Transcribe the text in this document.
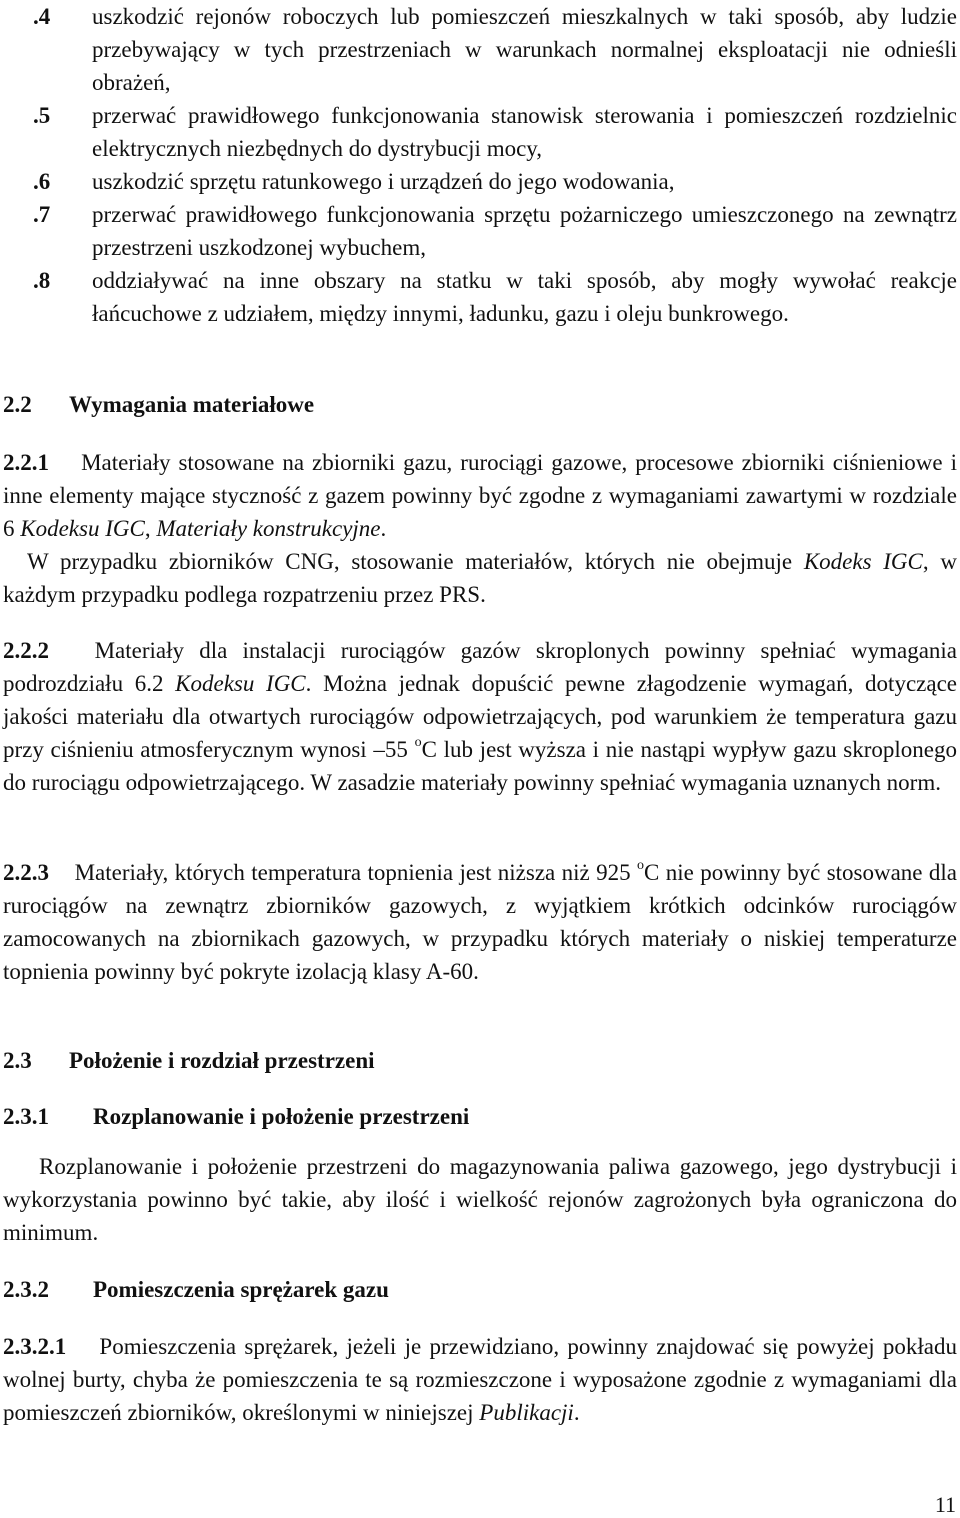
.4	uszkodzić rejonów roboczych lub pomieszczeń mieszkalnych w taki sposób, aby ludzie przebywający w tych przestrzeniach w warunkach normalnej eksploatacji nie odnieśli obrażeń,
.5	przerwać prawidłowego funkcjonowania stanowisk sterowania i pomieszczeń rozdzielnic elektrycznych niezbędnych do dystrybucji mocy,
.6	uszkodzić sprzętu ratunkowego i urządzeń do jego wodowania,
.7	przerwać prawidłowego funkcjonowania sprzętu pożarniczego umieszczonego na zewnątrz przestrzeni uszkodzonej wybuchem,
.8	oddziaływać na inne obszary na statku w taki sposób, aby mogły wywołać reakcje łańcuchowe z udziałem, między innymi, ładunku, gazu i oleju bunkrowego.
2.2 Wymagania materiałowe
2.2.1 Materiały stosowane na zbiorniki gazu, rurociągi gazowe, procesowe zbiorniki ciśnieniowe i inne elementy mające styczność z gazem powinny być zgodne z wymaganiami zawartymi w rozdziale 6 Kodeksu IGC, Materiały konstrukcyjne.
W przypadku zbiorników CNG, stosowanie materiałów, których nie obejmuje Kodeks IGC, w każdym przypadku podlega rozpatrzeniu przez PRS.
2.2.2 Materiały dla instalacji rurociągów gazów skroplonych powinny spełniać wymagania podrozdziału 6.2 Kodeksu IGC. Można jednak dopuścić pewne złagodzenie wymagań, dotyczące jakości materiału dla otwartych rurociągów odpowietrzających, pod warunkiem że temperatura gazu przy ciśnieniu atmosferycznym wynosi –55 $^o$C lub jest wyższa i nie nastąpi wypływ gazu skroplonego do rurociągu odpowietrzającego. W zasadzie materiały powinny spełniać wymagania uznanych norm.
2.2.3 Materiały, których temperatura topnienia jest niższa niż 925 $^o$C nie powinny być stosowane dla rurociągów na zewnątrz zbiorników gazowych, z wyjątkiem krótkich odcinków rurociągów zamocowanych na zbiornikach gazowych, w przypadku których materiały o niskiej temperaturze topnienia powinny być pokryte izolacją klasy A-60.
2.3 Położenie i rozdział przestrzeni
2.3.1 Rozplanowanie i położenie przestrzeni
Rozplanowanie i położenie przestrzeni do magazynowania paliwa gazowego, jego dystrybucji i wykorzystania powinno być takie, aby ilość i wielkość rejonów zagrożonych była ograniczona do minimum.
2.3.2 Pomieszczenia sprężarek gazu
2.3.2.1 Pomieszczenia sprężarek, jeżeli je przewidziano, powinny znajdować się powyżej pokładu wolnej burty, chyba że pomieszczenia te są rozmieszczone i wyposażone zgodnie z wymaganiami dla pomieszczeń zbiorników, określonymi w niniejszej Publikacji.
11
